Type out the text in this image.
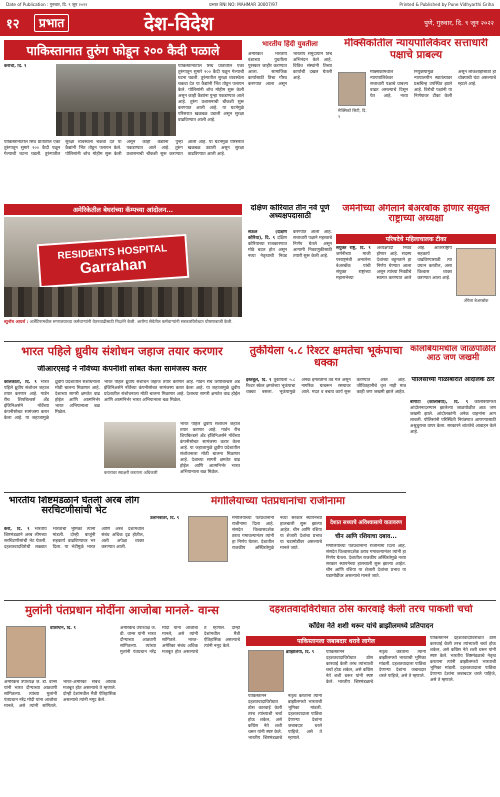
Date of Publication : गुरुवार, दि. ९ जून २०२२	प्रभात RNI NO: MAHMAR 30007/97	Printed & Published by Pune Vidhyarthi Griha
१२	प्रभात	देश-विदेश	पुणे, गुरुवार, दि. ९ जून २०२२
पाकिस्तानात तुरुंग फोडून २०० कैदी पळाले
कराची, दि. ९	पाकिस्तानातील सिंध प्रांतातील एका तुरुंगातून सुमारे २०० कैदी पळून गेल्याची घटना घडली. तुरुंगातील सुरक्षा व्यवस्थेला चकवा देत या कैद्यांनी भिंत तोडून पलायन केले. पोलिसांनी शोध मोहीम सुरू केली असून काही कैद्यांना पुन्हा पकडण्यात आले आहे. तुरुंग प्रशासनाची चौकशी सुरू करण्यात आली आहे. या घटनेमुळे परिसरात खळबळ उडाली असून सुरक्षा वाढविण्यात आली आहे.
पाकिस्तानातील सिंध प्रांतातील एका तुरुंगातून सुमारे २०० कैदी पळून गेल्याची घटना घडली. तुरुंगातील सुरक्षा व्यवस्थेला चकवा देत या कैद्यांनी भिंत तोडून पलायन केले. पोलिसांनी शोध मोहीम सुरू केली असून काही कैद्यांना पुन्हा पकडण्यात आले आहे. तुरुंग प्रशासनाची चौकशी सुरू करण्यात आली आहे. या घटनेमुळे परिसरात खळबळ उडाली असून सुरक्षा वाढविण्यात आली आहे.
भारतीय हिंदी युवतीला
अमेरिकेत भारतीय वंशाच्या युवतीला पुरस्कार जाहीर करण्यात आला. सामाजिक कार्यासाठी तिचा गौरव करण्यात आला असून भारतीय समुदायाने तिचे अभिनंदन केले आहे. विविध संस्थांनी तिच्या कार्याची दखल घेतली आहे.
मेक्सिकोतील न्यायपालिकेवर सत्ताधारी पक्षाचे प्राबल्य
मेक्सिको सिटी, दि. ९
मेक्सिकोमधील न्यायपालिकेवर सत्ताधारी पक्षाचे प्राबल्य वाढत असल्याचे दिसून येत आहे. नव्या नियुक्त्यांमुळे न्यायालयीन स्वातंत्र्यावर प्रश्नचिन्ह उपस्थित झाले आहे. विरोधी पक्षांनी या निर्णयावर टीका केली असून लोकशाहीसाठी ही धोक्याची घंटा असल्याचे म्हटले आहे.
अमेरिकेतील बेघरांच्या कॅम्पच्या आंदोलन...
RESIDENTS HOSPITAL
Garrahan
ब्युनॉस आयर्स : अर्जेंटिनामधील रुग्णालयाच्या कर्मचाऱ्यांनी वेतनवाढीसाठी निदर्शने केली. आरोग्य सेवेतील कर्मचाऱ्यांनी सरकारविरोधात घोषणाबाजी केली.
दक्षिण कोरियात तीन नवे पूर्ण अध्यक्षपदासाठी
सेऊल (दक्षिण कोरिया), दि. ९ दक्षिण कोरियाच्या राजकारणात मोठे बदल होत असून नव्या नेतृत्वाची निवड करण्यात आली आहे. सत्ताधारी पक्षाने महत्त्वाचे निर्णय घेतले असून आगामी निवडणुकीसाठी तयारी सुरू केली आहे.
जर्मनीच्या अँगेलाने बेअरबॉक होणार संयुक्त राष्ट्राच्या अध्यक्षा
परिषदेचे महिलाचालक टीका
संयुक्त राष्ट्रे, दि. ९ जर्मनीच्या माजी परराष्ट्रमंत्री अनालेना बेअरबॉक यांची संयुक्त राष्ट्रांच्या महासभेच्या अध्यक्षपदी निवड होणार आहे. सदस्य देशांच्या बहुमताने हा निर्णय घेण्यात आला असून त्यांच्या निवडीचे स्वागत करण्यात आले आहे. आंतरराष्ट्रीय सहकार्य वाढविण्यासाठी त्या प्रयत्न करतील, असा विश्वास व्यक्त करण्यात आला आहे.
अँगेला बेअरबॉक
भारत पहिले ध्रुवीय संशोधन जहाज तयार करणार
जीआरएसई ने नॉर्वेच्या कंपनीशी सोबत केला सामंजस्य करार
कोलकाता, दि. ९ भारत पहिले ध्रुवीय संशोधन जहाज तयार करणार आहे. गार्डन रीच शिपबिल्डर्स अँड इंजिनिअर्सने नॉर्वेच्या कंपनीसोबत सामंजस्य करार केला आहे. या जहाजामुळे ध्रुवीय प्रदेशातील संशोधनाला मोठी चालना मिळणार आहे. देशाच्या सागरी क्षमतेत वाढ होईल आणि आत्मनिर्भर भारत अभियानाला बळ मिळेल.
भारत पहिले ध्रुवीय संशोधन जहाज तयार करणार आहे. गार्डन रीच शिपबिल्डर्स अँड इंजिनिअर्सने नॉर्वेच्या कंपनीसोबत सामंजस्य करार केला आहे. या जहाजामुळे ध्रुवीय प्रदेशातील संशोधनाला मोठी चालना मिळणार आहे. देशाच्या सागरी क्षमतेत वाढ होईल आणि आत्मनिर्भर भारत अभियानाला बळ मिळेल.
करारावर स्वाक्षरी करताना अधिकारी
भारत पहिले ध्रुवीय संशोधन जहाज तयार करणार आहे. गार्डन रीच शिपबिल्डर्स अँड इंजिनिअर्सने नॉर्वेच्या कंपनीसोबत सामंजस्य करार केला आहे. या जहाजामुळे ध्रुवीय प्रदेशातील संशोधनाला मोठी चालना मिळणार आहे. देशाच्या सागरी क्षमतेत वाढ होईल आणि आत्मनिर्भर भारत अभियानाला बळ मिळेल.
तुर्कीयेला ५.८ रिश्टर क्षमतेचा भूकंपाचा धक्का
इस्तंबूल, दि. ९ तुर्कीयेला ५.८ रिश्टर स्केल क्षमतेच्या भूकंपाचा धक्का बसला. भूकंपामुळे अनेक इमारतींना तडे गेले असून नागरिक घाबरून रस्त्यावर आले. मदत व बचाव कार्य सुरू करण्यात आले आहे. जीवितहानीचे वृत्त नाही मात्र काही जण जखमी झाले आहेत.
कोलंबियामधील जाळपोळीत आठ जण जखमी
पोलिसांच्या गोळीबारात आंदोलक ठार
बोगोटा (कोलंबिया), दि. ९ कोलंबियामध्ये आंदोलनादरम्यान झालेल्या जाळपोळीत आठ जण जखमी झाले. आंदोलकांनी अनेक वाहनांना आग लावली. पोलिसांनी परिस्थिती नियंत्रणात आणण्यासाठी अश्रुधुराचा वापर केला. सरकारने शांततेचे आवाहन केले आहे.
भारतीय शिष्टमंडळाने घेतली अरब लीग सरचिटणीसांची भेट
कैरो, दि. ९ भारतीय शिष्टमंडळाने अरब लीगच्या सरचिटणीसांची भेट घेतली. दहशतवादविरोधी लढ्यात भारताची भूमिका त्यांनी मांडली. दोन्ही बाजूंनी सहकार्य वाढविण्यावर भर दिला. या भेटीमुळे भारत आणि अरब देशांमधील संबंध अधिक दृढ होतील, अशी अपेक्षा व्यक्त करण्यात आली.
मंगोलियाच्या पंतप्रधानांचा राजीनामा
उलानबातर, दि. ९	मंगोलियाच्या पंतप्रधानांनी राजीनामा दिला आहे. संसदेत विश्वासदर्शक ठराव गमावल्यानंतर त्यांनी हा निर्णय घेतला. देशातील राजकीय अस्थिरतेमुळे नव्या सरकार स्थापनेच्या हालचाली सुरू झाल्या आहेत. चीन आणि रशिया या शेजारी देशांचा प्रभाव या घडामोडींवर असल्याचे मानले जाते.
देशात सध्याचे अविश्वासाचे वातावरण
चीन आणि रशियाचा दबाव...
मंगोलियाच्या पंतप्रधानांनी राजीनामा दिला आहे. संसदेत विश्वासदर्शक ठराव गमावल्यानंतर त्यांनी हा निर्णय घेतला. देशातील राजकीय अस्थिरतेमुळे नव्या सरकार स्थापनेच्या हालचाली सुरू झाल्या आहेत. चीन आणि रशिया या शेजारी देशांचा प्रभाव या घडामोडींवर असल्याचे मानले जाते.
मुलांनी पंतप्रधान मोदींना आजोबा मानले- वान्स
वॉशिंग्टन, दि. ९
अमेरिकेचे उपाध्यक्ष जे. डी. वान्स यांनी भारत दौऱ्याच्या आठवणी सांगितल्या. त्यांच्या मुलांनी पंतप्रधान नरेंद्र मोदी यांना आजोबा मानले, असे त्यांनी सांगितले. भारत-अमेरिका संबंध अधिक मजबूत होत असल्याचे ते म्हणाले. दोन्ही देशांमधील मैत्री ऐतिहासिक असल्याचे त्यांनी नमूद केले.
अमेरिकेचे उपाध्यक्ष जे. डी. वान्स यांनी भारत दौऱ्याच्या आठवणी सांगितल्या. त्यांच्या मुलांनी पंतप्रधान नरेंद्र मोदी यांना आजोबा मानले, असे त्यांनी सांगितले. भारत-अमेरिका संबंध अधिक मजबूत होत असल्याचे ते म्हणाले. दोन्ही देशांमधील मैत्री ऐतिहासिक असल्याचे त्यांनी नमूद केले.
दहशतवादविरोधात ठोस कारवाई केली तरच पाकशी चर्चा
काँग्रेस नेते शशी थरूर यांचे ब्राझीलमध्ये प्रतिपादन
पाकिस्तानला जबाबदार धरावे लागेल
ब्राझिलिया, दि. ९
पाकिस्तानने दहशतवादाविरोधात ठोस कारवाई केली तरच त्यांच्याशी चर्चा होऊ शकेल, असे काँग्रेस नेते शशी थरूर यांनी स्पष्ट केले. भारतीय शिष्टमंडळाचे नेतृत्व करताना त्यांनी ब्राझीलमध्ये भारताची भूमिका मांडली. दहशतवादाला पाठिंबा देणाऱ्या देशांना जबाबदार धरले पाहिजे, असे ते म्हणाले.
पाकिस्तानने दहशतवादाविरोधात ठोस कारवाई केली तरच त्यांच्याशी चर्चा होऊ शकेल, असे काँग्रेस नेते शशी थरूर यांनी स्पष्ट केले. भारतीय शिष्टमंडळाचे नेतृत्व करताना त्यांनी ब्राझीलमध्ये भारताची भूमिका मांडली. दहशतवादाला पाठिंबा देणाऱ्या देशांना जबाबदार धरले पाहिजे, असे ते म्हणाले.
पाकिस्तानने दहशतवादाविरोधात ठोस कारवाई केली तरच त्यांच्याशी चर्चा होऊ शकेल, असे काँग्रेस नेते शशी थरूर यांनी स्पष्ट केले. भारतीय शिष्टमंडळाचे नेतृत्व करताना त्यांनी ब्राझीलमध्ये भारताची भूमिका मांडली. दहशतवादाला पाठिंबा देणाऱ्या देशांना जबाबदार धरले पाहिजे, असे ते म्हणाले.
